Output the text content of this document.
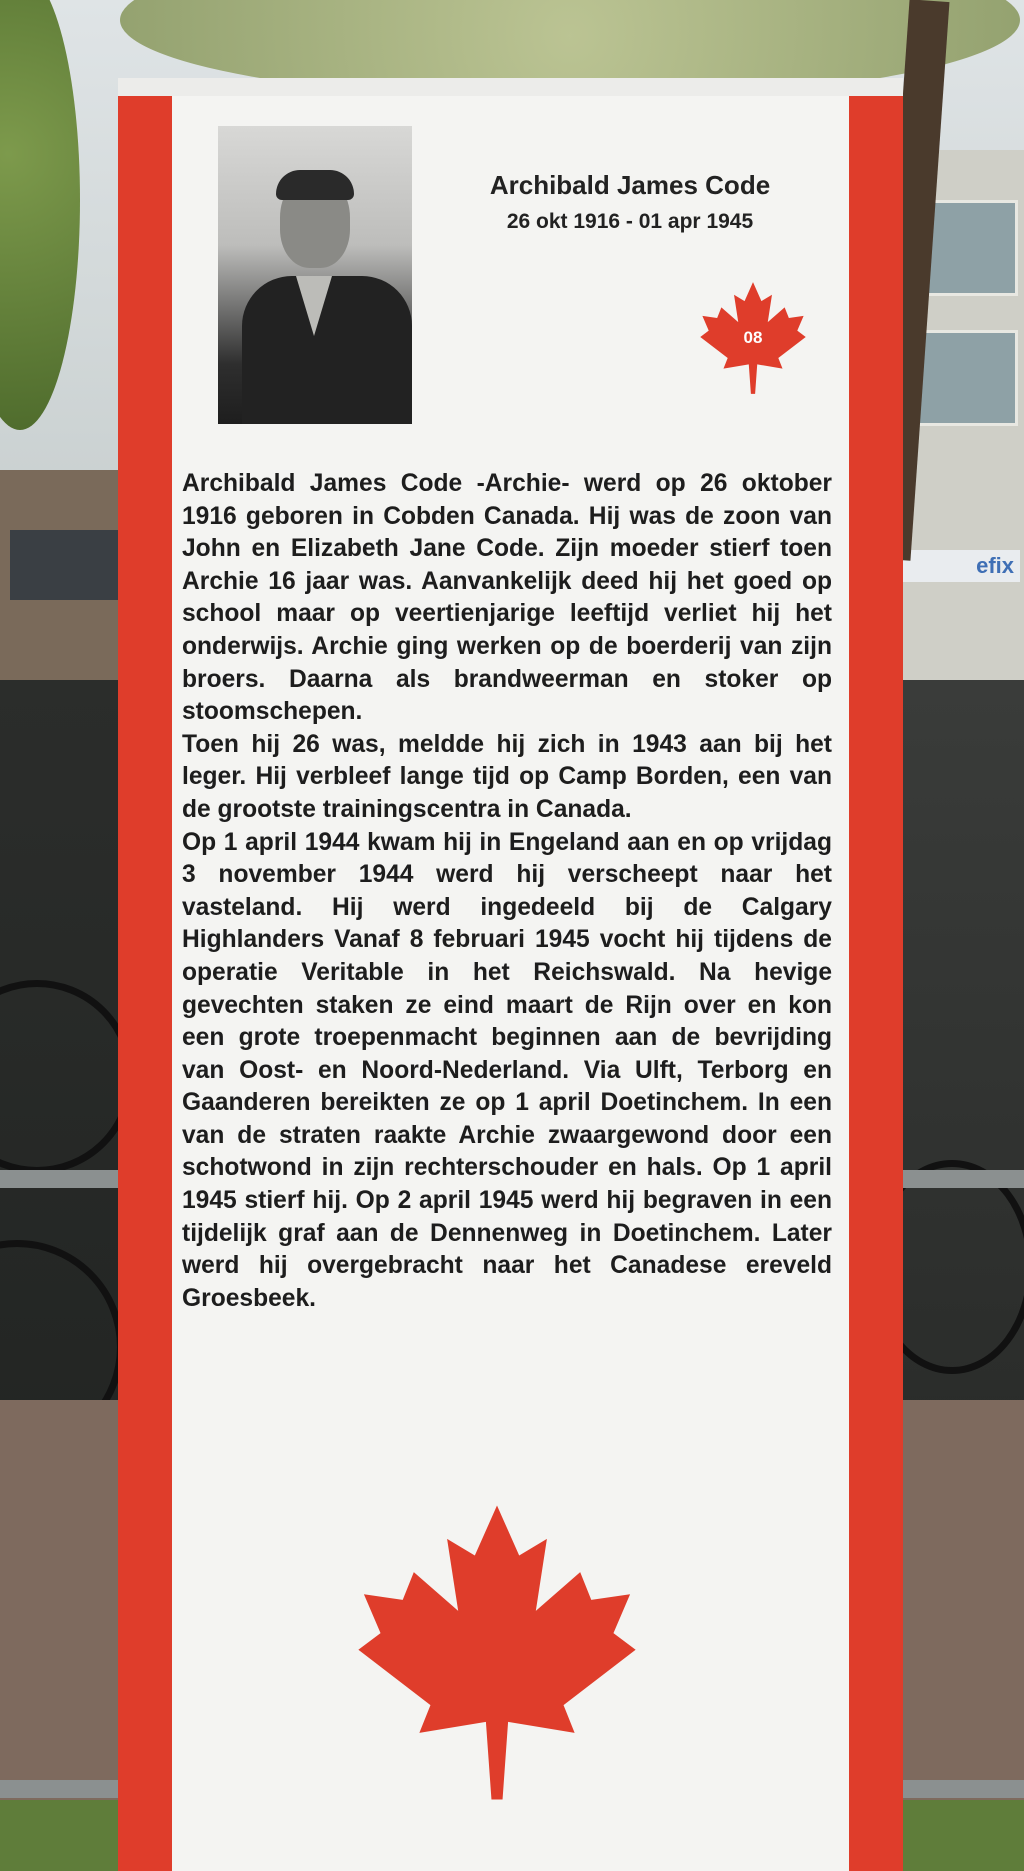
efix
Archibald James Code
26 okt 1916 - 01 apr 1945
08

Archibald James Code -Archie- werd op 26 oktober 1916 geboren in Cobden Canada. Hij was de zoon van John en Elizabeth Jane Code. Zijn moeder stierf toen Archie 16 jaar was. Aanvankelijk deed hij het goed op school maar op veertienjarige leeftijd verliet hij het onderwijs. Archie ging werken op de boerderij van zijn broers. Daarna als brandweerman en stoker op stoomschepen.

Toen hij 26 was, meldde hij zich in 1943 aan bij het leger. Hij verbleef lange tijd op Camp Borden, een van de grootste trainingscentra in Canada.

Op 1 april 1944 kwam hij in Engeland aan en op vrijdag 3 november 1944 werd hij verscheept naar het vasteland. Hij werd ingedeeld bij de Calgary Highlanders Vanaf 8 februari 1945 vocht hij tijdens de operatie Veritable in het Reichswald. Na hevige gevechten staken ze eind maart de Rijn over en kon een grote troepenmacht beginnen aan de bevrijding van Oost- en Noord-Nederland. Via Ulft, Terborg en Gaanderen bereikten ze op 1 april Doetinchem. In een van de straten raakte Archie zwaargewond door een schotwond in zijn rechterschouder en hals. Op 1 april 1945 stierf hij. Op 2 april 1945 werd hij begraven in een tijdelijk graf aan de Dennenweg in Doetinchem. Later werd hij overgebracht naar het Canadese ereveld Groesbeek.
